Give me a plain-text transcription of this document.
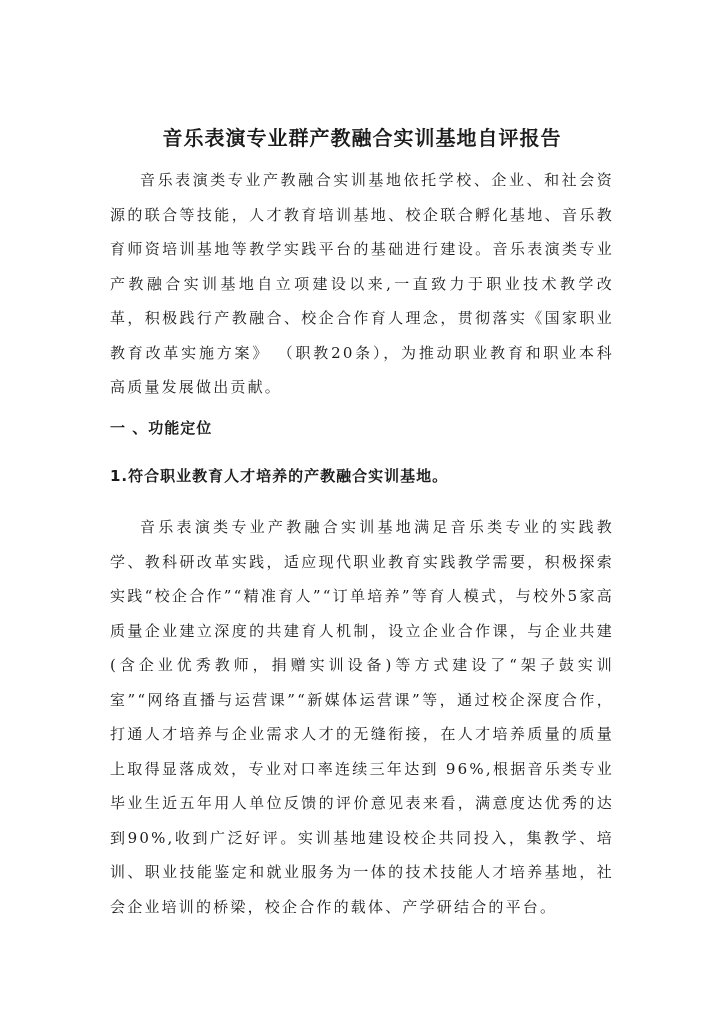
音乐表演专业群产教融合实训基地自评报告

音乐表演类专业产教融合实训基地依托学校、企业、和社会资源的联合等技能，人才教育培训基地、校企联合孵化基地、音乐教育师资培训基地等教学实践平台的基础进行建设。音乐表演类专业产教融合实训基地自立项建设以来,一直致力于职业技术教学改革，积极践行产教融合、校企合作育人理念，贯彻落实《国家职业教育改革实施方案》 （职教20条），为推动职业教育和职业本科高质量发展做出贡献。

一 、功能定位
1.符合职业教育人才培养的产教融合实训基地。

音乐表演类专业产教融合实训基地满足音乐类专业的实践教学、教科研改革实践，适应现代职业教育实践教学需要，积极探索实践“校企合作”“精准育人”“订单培养”等育人模式，与校外5家高质量企业建立深度的共建育人机制，设立企业合作课，与企业共建(含企业优秀教师，捐赠实训设备)等方式建设了“架子鼓实训室”“网络直播与运营课”“新媒体运营课”等，通过校企深度合作，打通人才培养与企业需求人才的无缝衔接，在人才培养质量的质量上取得显落成效，专业对口率连续三年达到 96%,根据音乐类专业毕业生近五年用人单位反馈的评价意见表来看，满意度达优秀的达到90%,收到广泛好评。实训基地建设校企共同投入，集教学、培训、职业技能鉴定和就业服务为一体的技术技能人才培养基地，社会企业培训的桥梁，校企合作的载体、产学研结合的平台。
